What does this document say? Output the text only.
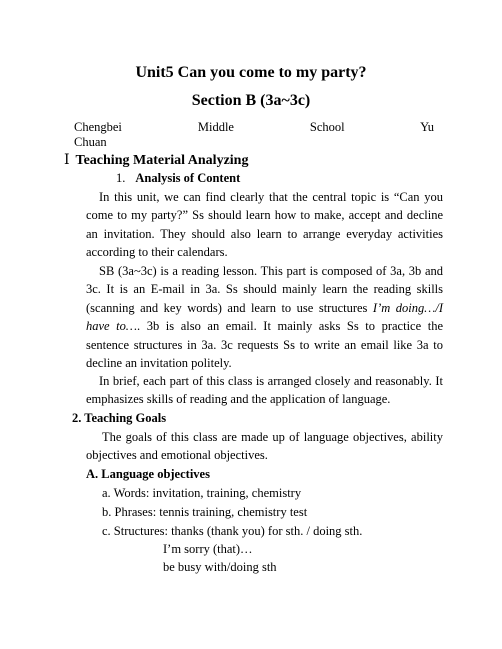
Unit5 Can you come to my party?
Section B (3a~3c)
Chengbei	Middle	School	Yu
Chuan
Ⅰ Teaching Material Analyzing
1. Analysis of Content

In this unit, we can find clearly that the central topic is “Can you come to my party?” Ss should learn how to make, accept and decline an invitation. They should also learn to arrange everyday activities according to their calendars.

SB (3a~3c) is a reading lesson. This part is composed of 3a, 3b and 3c. It is an E-mail in 3a. Ss should mainly learn the reading skills (scanning and key words) and learn to use structures I’m doing…/I have to…. 3b is also an email. It mainly asks Ss to practice the sentence structures in 3a. 3c requests Ss to write an email like 3a to decline an invitation politely.

In brief, each part of this class is arranged closely and reasonably. It emphasizes skills of reading and the application of language.

2. Teaching Goals

The goals of this class are made up of language objectives, ability objectives and emotional objectives.

A. Language objectives
a. Words: invitation, training, chemistry
b. Phrases: tennis training, chemistry test
c. Structures: thanks (thank you) for sth. / doing sth.
I’m sorry (that)…
be busy with/doing sth
